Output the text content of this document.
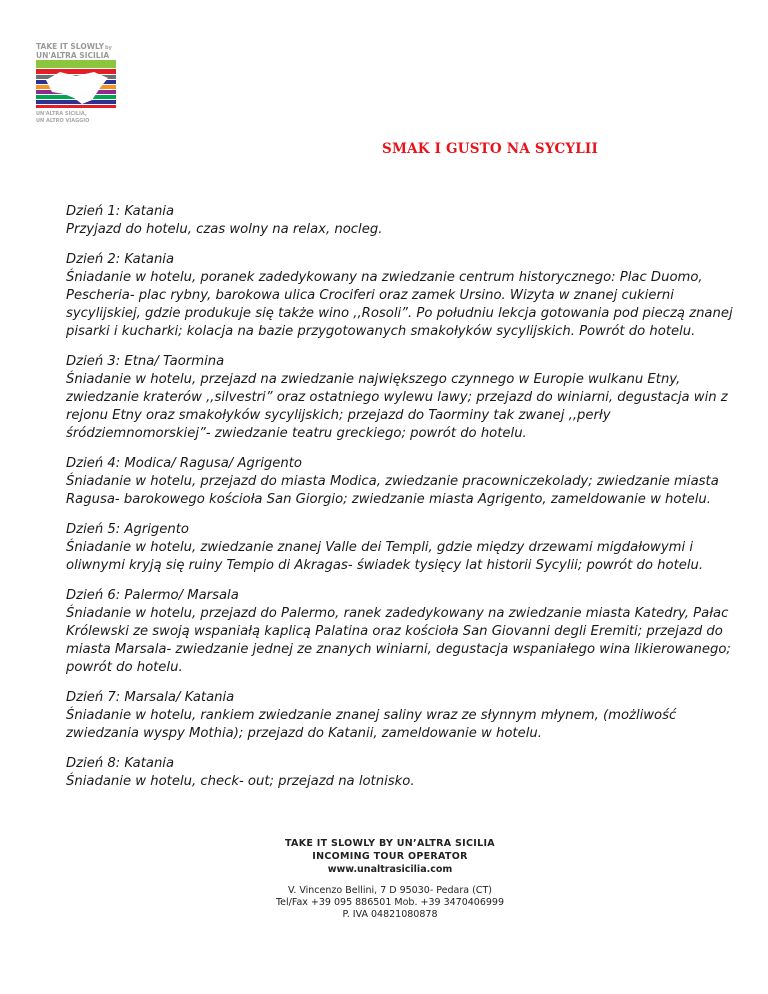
TAKE IT SLOWLY by
UN'ALTRA SICILIA
UN'ALTRA SICILIA,
UN ALTRO VIAGGIO
SMAK I GUSTO NA SYCYLII
Dzień 1: Katania
Przyjazd do hotelu, czas wolny na relax, nocleg.
Dzień 2: Katania
Śniadanie w hotelu, poranek zadedykowany na zwiedzanie centrum historycznego: Plac Duomo, Pescheria- plac rybny, barokowa ulica Crociferi oraz zamek Ursino. Wizyta w znanej cukierni sycylijskiej, gdzie produkuje się także wino ,,Rosoli”. Po południu lekcja gotowania pod pieczą znanej pisarki i kucharki; kolacja na bazie przygotowanych smakołyków sycylijskich. Powrót do hotelu.
Dzień 3: Etna/ Taormina
Śniadanie w hotelu, przejazd na zwiedzanie największego czynnego w Europie wulkanu Etny, zwiedzanie kraterów ,,silvestri” oraz ostatniego wylewu lawy; przejazd do winiarni, degustacja win z rejonu Etny oraz smakołyków sycylijskich; przejazd do Taorminy tak zwanej ,,perły śródziemnomorskiej”- zwiedzanie teatru greckiego; powrót do hotelu.
Dzień 4: Modica/ Ragusa/ Agrigento
Śniadanie w hotelu, przejazd do miasta Modica, zwiedzanie pracowniczekolady; zwiedzanie miasta Ragusa- barokowego kościoła San Giorgio; zwiedzanie miasta Agrigento, zameldowanie w hotelu.
Dzień 5: Agrigento
Śniadanie w hotelu, zwiedzanie znanej Valle dei Templi, gdzie między drzewami migdałowymi i oliwnymi kryją się ruiny Tempio di Akragas- świadek tysięcy lat historii Sycylii; powrót do hotelu.
Dzień 6: Palermo/ Marsala
Śniadanie w hotelu, przejazd do Palermo, ranek zadedykowany na zwiedzanie miasta Katedry, Pałac Królewski ze swoją wspaniałą kaplicą Palatina oraz kościoła San Giovanni degli Eremiti; przejazd do miasta Marsala- zwiedzanie jednej ze znanych winiarni, degustacja wspaniałego wina likierowanego; powrót do hotelu.
Dzień 7: Marsala/ Katania
Śniadanie w hotelu, rankiem zwiedzanie znanej saliny wraz ze słynnym młynem, (możliwość zwiedzania wyspy Mothia); przejazd do Katanii, zameldowanie w hotelu.
Dzień 8: Katania
Śniadanie w hotelu, check- out; przejazd na lotnisko.
TAKE IT SLOWLY BY UN’ALTRA SICILIA
INCOMING TOUR OPERATOR
www.unaltrasicilia.com
V. Vincenzo Bellini, 7 D 95030- Pedara (CT)
Tel/Fax +39 095 886501 Mob. +39 3470406999
P. IVA 04821080878
